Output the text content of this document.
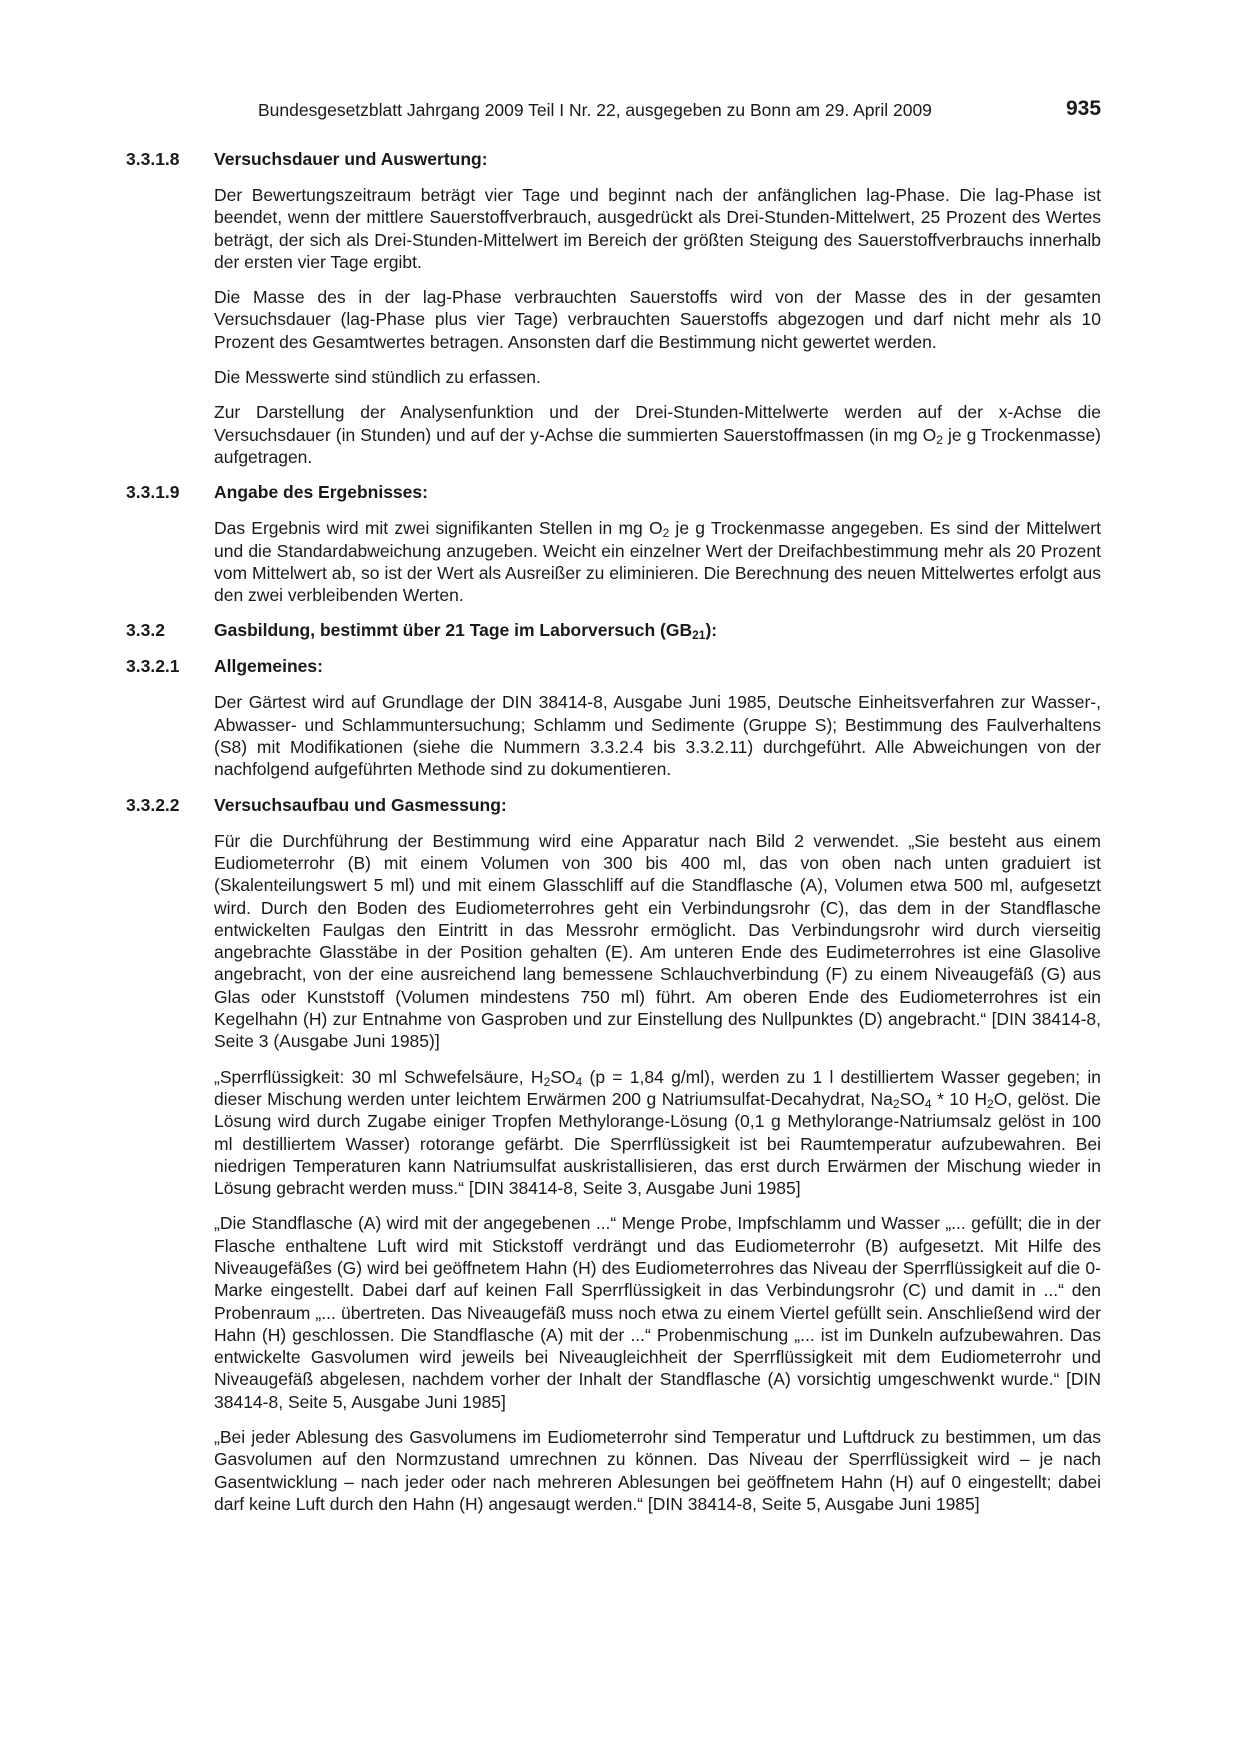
Bundesgesetzblatt Jahrgang 2009 Teil I Nr. 22, ausgegeben zu Bonn am 29. April 2009	935
3.3.1.8	Versuchsdauer und Auswertung:

Der Bewertungszeitraum beträgt vier Tage und beginnt nach der anfänglichen lag-Phase. Die lag-Phase ist beendet, wenn der mittlere Sauerstoffverbrauch, ausgedrückt als Drei-Stunden-Mittelwert, 25 Prozent des Wertes beträgt, der sich als Drei-Stunden-Mittelwert im Bereich der größten Steigung des Sauerstoffverbrauchs innerhalb der ersten vier Tage ergibt.

Die Masse des in der lag-Phase verbrauchten Sauerstoffs wird von der Masse des in der gesamten Versuchsdauer (lag-Phase plus vier Tage) verbrauchten Sauerstoffs abgezogen und darf nicht mehr als 10 Prozent des Gesamtwertes betragen. Ansonsten darf die Bestimmung nicht gewertet werden.

Die Messwerte sind stündlich zu erfassen.

Zur Darstellung der Analysenfunktion und der Drei-Stunden-Mittelwerte werden auf der x-Achse die Versuchsdauer (in Stunden) und auf der y-Achse die summierten Sauerstoffmassen (in mg $O_2$ je g Trockenmasse) aufgetragen.

3.3.1.9	Angabe des Ergebnisses:

Das Ergebnis wird mit zwei signifikanten Stellen in mg $O_2$ je g Trockenmasse angegeben. Es sind der Mittelwert und die Standardabweichung anzugeben. Weicht ein einzelner Wert der Dreifachbestimmung mehr als 20 Prozent vom Mittelwert ab, so ist der Wert als Ausreißer zu eliminieren. Die Berechnung des neuen Mittelwertes erfolgt aus den zwei verbleibenden Werten.

3.3.2	Gasbildung, bestimmt über 21 Tage im Laborversuch $(GB_{21})$:
3.3.2.1	Allgemeines:

Der Gärtest wird auf Grundlage der DIN 38414-8, Ausgabe Juni 1985, Deutsche Einheitsverfahren zur Wasser-, Abwasser- und Schlammuntersuchung; Schlamm und Sedimente (Gruppe S); Bestimmung des Faulverhaltens (S8) mit Modifikationen (siehe die Nummern 3.3.2.4 bis 3.3.2.11) durchgeführt. Alle Abweichungen von der nachfolgend aufgeführten Methode sind zu dokumentieren.

3.3.2.2	Versuchsaufbau und Gasmessung:

Für die Durchführung der Bestimmung wird eine Apparatur nach Bild 2 verwendet. „Sie besteht aus einem Eudiometerrohr (B) mit einem Volumen von 300 bis 400 ml, das von oben nach unten graduiert ist (Skalenteilungswert 5 ml) und mit einem Glasschliff auf die Standflasche (A), Volumen etwa 500 ml, aufgesetzt wird. Durch den Boden des Eudiometerrohres geht ein Verbindungsrohr (C), das dem in der Standflasche entwickelten Faulgas den Eintritt in das Messrohr ermöglicht. Das Verbindungsrohr wird durch vierseitig angebrachte Glasstäbe in der Position gehalten (E). Am unteren Ende des Eudimeterrohres ist eine Glasolive angebracht, von der eine ausreichend lang bemessene Schlauchverbindung (F) zu einem Niveaugefäß (G) aus Glas oder Kunststoff (Volumen mindestens 750 ml) führt. Am oberen Ende des Eudiometerrohres ist ein Kegelhahn (H) zur Entnahme von Gasproben und zur Einstellung des Nullpunktes (D) angebracht.“ [DIN 38414-8, Seite 3 (Ausgabe Juni 1985)]

„Sperrflüssigkeit: 30 ml Schwefelsäure, $H_2SO_4$ (p = 1,84 g/ml), werden zu 1 l destilliertem Wasser gegeben; in dieser Mischung werden unter leichtem Erwärmen 200 g Natriumsulfat-Decahydrat, $Na_2SO_4 * 10$ $H_2O$, gelöst. Die Lösung wird durch Zugabe einiger Tropfen Methylorange-Lösung (0,1 g Methylorange-Natriumsalz gelöst in 100 ml destilliertem Wasser) rotorange gefärbt. Die Sperrflüssigkeit ist bei Raumtemperatur aufzubewahren. Bei niedrigen Temperaturen kann Natriumsulfat auskristallisieren, das erst durch Erwärmen der Mischung wieder in Lösung gebracht werden muss.“ [DIN 38414-8, Seite 3, Ausgabe Juni 1985]

„Die Standflasche (A) wird mit der angegebenen ...“ Menge Probe, Impfschlamm und Wasser „... gefüllt; die in der Flasche enthaltene Luft wird mit Stickstoff verdrängt und das Eudiometerrohr (B) aufgesetzt. Mit Hilfe des Niveaugefäßes (G) wird bei geöffnetem Hahn (H) des Eudiometerrohres das Niveau der Sperrflüssigkeit auf die 0-Marke eingestellt. Dabei darf auf keinen Fall Sperrflüssigkeit in das Verbindungsrohr (C) und damit in ...“ den Probenraum „... übertreten. Das Niveaugefäß muss noch etwa zu einem Viertel gefüllt sein. Anschließend wird der Hahn (H) geschlossen. Die Standflasche (A) mit der ...“ Probenmischung „... ist im Dunkeln aufzubewahren. Das entwickelte Gasvolumen wird jeweils bei Niveaugleichheit der Sperrflüssigkeit mit dem Eudiometerrohr und Niveaugefäß abgelesen, nachdem vorher der Inhalt der Standflasche (A) vorsichtig umgeschwenkt wurde.“ [DIN 38414-8, Seite 5, Ausgabe Juni 1985]

„Bei jeder Ablesung des Gasvolumens im Eudiometerrohr sind Temperatur und Luftdruck zu bestimmen, um das Gasvolumen auf den Normzustand umrechnen zu können. Das Niveau der Sperrflüssigkeit wird – je nach Gasentwicklung – nach jeder oder nach mehreren Ablesungen bei geöffnetem Hahn (H) auf 0 eingestellt; dabei darf keine Luft durch den Hahn (H) angesaugt werden.“ [DIN 38414-8, Seite 5, Ausgabe Juni 1985]
